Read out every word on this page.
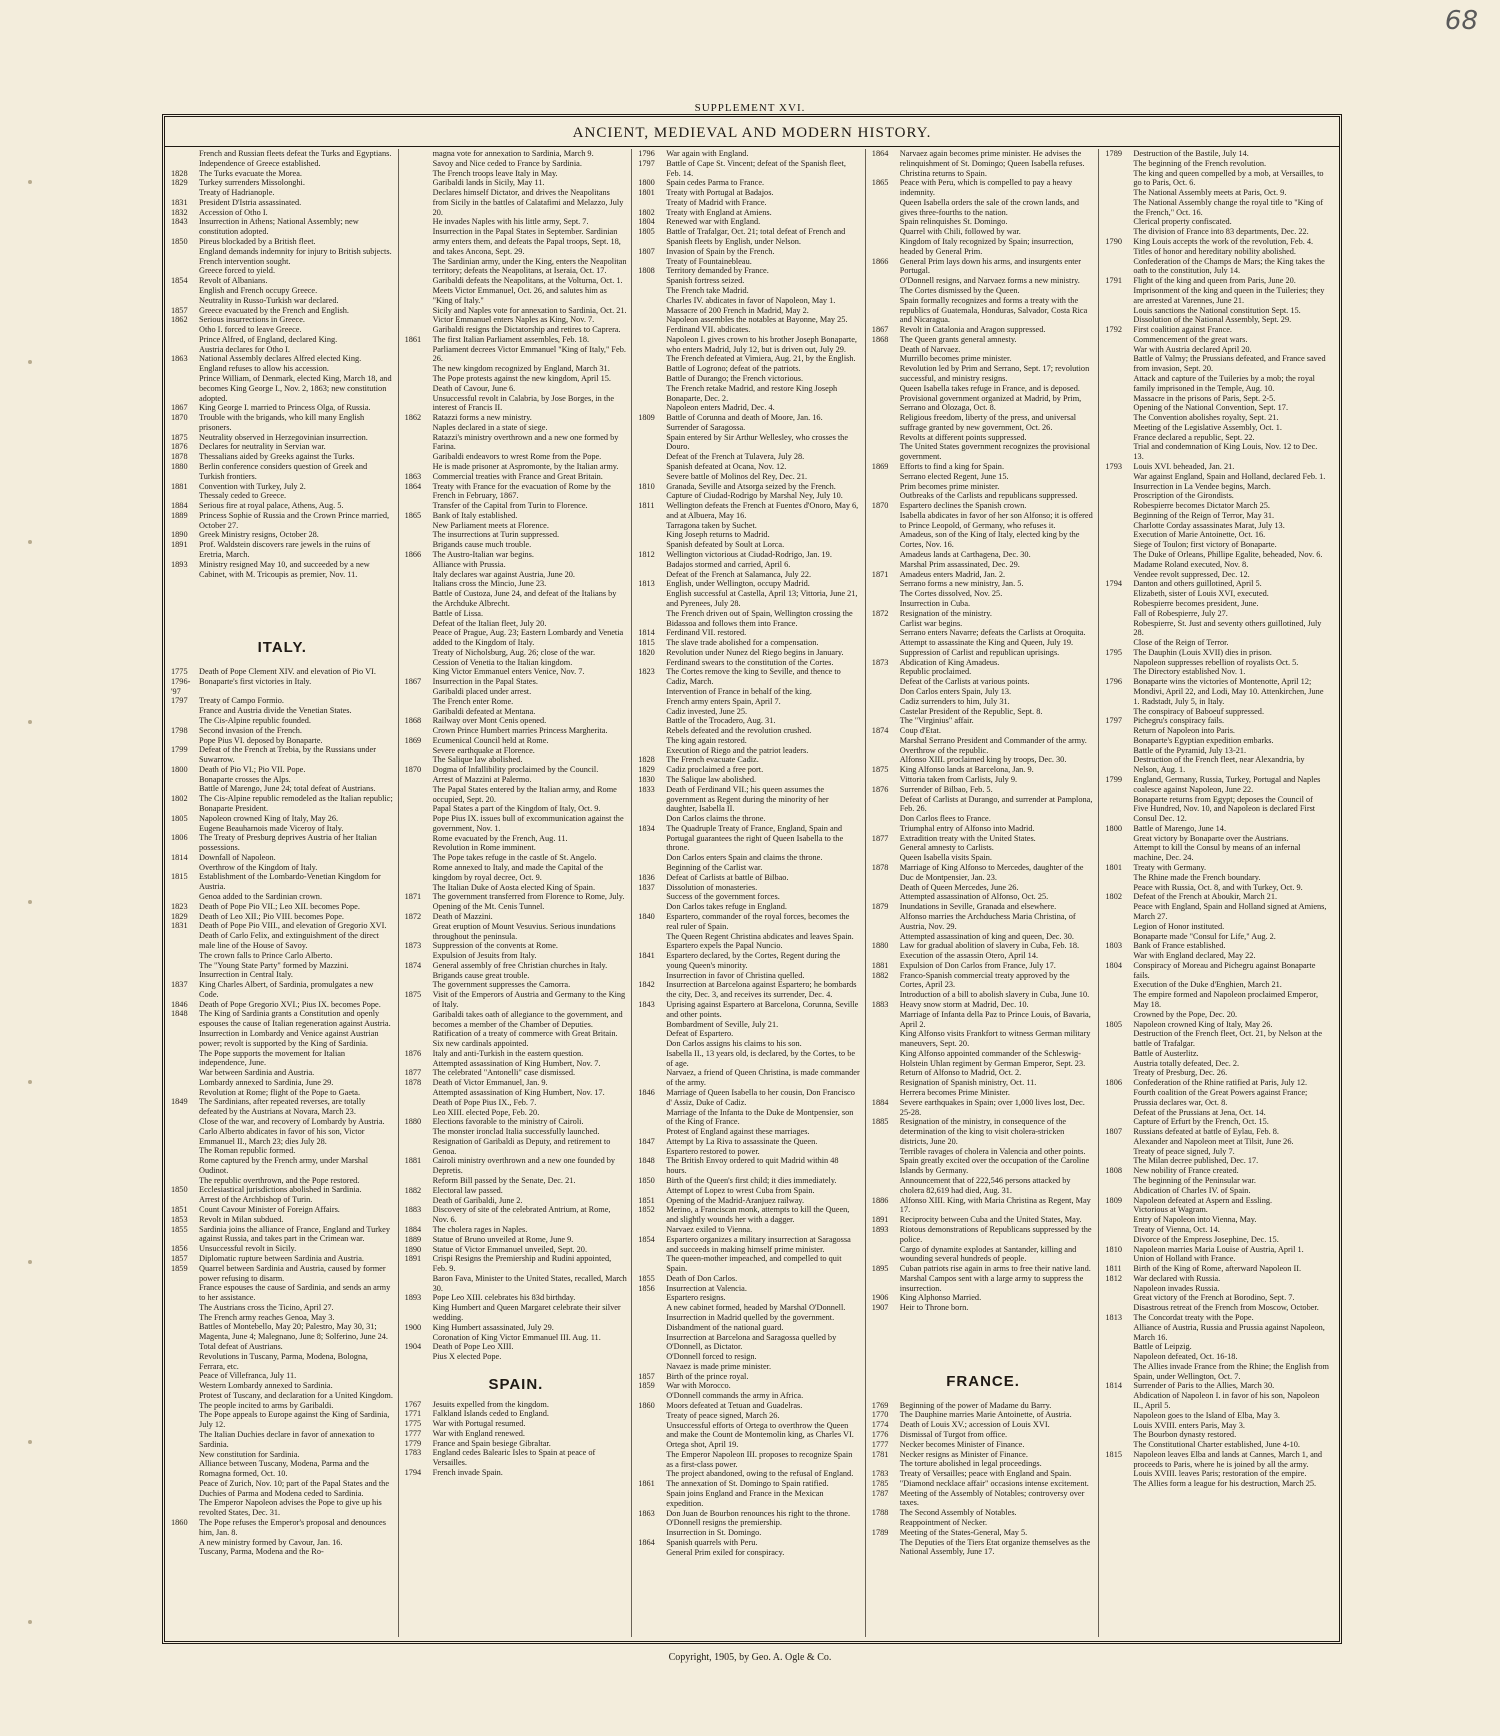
68
SUPPLEMENT XVI.
ANCIENT, MEDIEVAL AND MODERN HISTORY.
French and Russian fleets defeat the Turks and Egyptians.
Independence of Greece established.
1828	The Turks evacuate the Morea.
1829	Turkey surrenders Missolonghi.
Treaty of Hadrianople.
1831	President D'Istria assassinated.
1832	Accession of Otho I.
1843	Insurrection in Athens; National Assembly; new constitution adopted.
1850	Pireus blockaded by a British fleet.
England demands indemnity for injury to British subjects.
French intervention sought.
Greece forced to yield.
1854	Revolt of Albanians.
English and French occupy Greece.
Neutrality in Russo-Turkish war declared.
1857	Greece evacuated by the French and English.
1862	Serious insurrections in Greece.
Otho I. forced to leave Greece.
Prince Alfred, of England, declared King.
Austria declares for Otho I.
1863	National Assembly declares Alfred elected King.
England refuses to allow his accession.
Prince William, of Denmark, elected King, March 18, and becomes King George I., Nov. 2, 1863; new constitution adopted.
1867	King George I. married to Princess Olga, of Russia.
1870	Trouble with the brigands, who kill many English prisoners.
1875	Neutrality observed in Herzegovinian insurrection.
1876	Declares for neutrality in Servian war.
1878	Thessalians aided by Greeks against the Turks.
1880	Berlin conference considers question of Greek and Turkish frontiers.
1881	Convention with Turkey, July 2.
Thessaly ceded to Greece.
1884	Serious fire at royal palace, Athens, Aug. 5.
1889	Princess Sophie of Russia and the Crown Prince married, October 27.
1890	Greek Ministry resigns, October 28.
1891	Prof. Waldstein discovers rare jewels in the ruins of Eretria, March.
1893	Ministry resigned May 10, and succeeded by a new Cabinet, with M. Tricoupis as premier, Nov. 11.
ITALY.
1775	Death of Pope Clement XIV. and elevation of Pio VI.
1796-'97
Bonaparte's first victories in Italy.
1797	Treaty of Campo Formio.
France and Austria divide the Venetian States.
The Cis-Alpine republic founded.
1798	Second invasion of the French.
Pope Pius VI. deposed by Bonaparte.
1799	Defeat of the French at Trebia, by the Russians under Suwarrow.
1800	Death of Pio VI.; Pio VII. Pope.
Bonaparte crosses the Alps.
Battle of Marengo, June 24; total defeat of Austrians.
1802	The Cis-Alpine republic remodeled as the Italian republic; Bonaparte President.
1805	Napoleon crowned King of Italy, May 26.
Eugene Beauharnois made Viceroy of Italy.
1806	The Treaty of Presburg deprives Austria of her Italian possessions.
1814	Downfall of Napoleon.
Overthrow of the Kingdom of Italy.
1815	Establishment of the Lombardo-Venetian Kingdom for Austria.
Genoa added to the Sardinian crown.
1823	Death of Pope Pio VII.; Leo XII. becomes Pope.
1829	Death of Leo XII.; Pio VIII. becomes Pope.
1831	Death of Pope Pio VIII., and elevation of Gregorio XVI.
Death of Carlo Felix, and extinguishment of the direct male line of the House of Savoy.
The crown falls to Prince Carlo Alberto.
The "Young State Party" formed by Mazzini.
Insurrection in Central Italy.
1837	King Charles Albert, of Sardinia, promulgates a new Code.
1846	Death of Pope Gregorio XVI.; Pius IX. becomes Pope.
1848	The King of Sardinia grants a Constitution and openly espouses the cause of Italian regeneration against Austria.
Insurrection in Lombardy and Venice against Austrian power; revolt is supported by the King of Sardinia.
The Pope supports the movement for Italian independence, June.
War between Sardinia and Austria.
Lombardy annexed to Sardinia, June 29.
Revolution at Rome; flight of the Pope to Gaeta.
1849	The Sardinians, after repeated reverses, are totally defeated by the Austrians at Novara, March 23.
Close of the war, and recovery of Lombardy by Austria.
Carlo Alberto abdicates in favor of his son, Victor Emmanuel II., March 23; dies July 28.
The Roman republic formed.
Rome captured by the French army, under Marshal Oudinot.
The republic overthrown, and the Pope restored.
1850	Ecclesiastical jurisdictions abolished in Sardinia.
Arrest of the Archbishop of Turin.
1851	Count Cavour Minister of Foreign Affairs.
1853	Revolt in Milan subdued.
1855	Sardinia joins the alliance of France, England and Turkey against Russia, and takes part in the Crimean war.
1856	Unsuccessful revolt in Sicily.
1857	Diplomatic rupture between Sardinia and Austria.
1859	Quarrel between Sardinia and Austria, caused by former power refusing to disarm.
France espouses the cause of Sardinia, and sends an army to her assistance.
The Austrians cross the Ticino, April 27.
The French army reaches Genoa, May 3.
Battles of Montebello, May 20; Palestro, May 30, 31; Magenta, June 4; Malegnano, June 8; Solferino, June 24.
Total defeat of Austrians.
Revolutions in Tuscany, Parma, Modena, Bologna, Ferrara, etc.
Peace of Villefranca, July 11.
Western Lombardy annexed to Sardinia.
Protest of Tuscany, and declaration for a United Kingdom.
The people incited to arms by Garibaldi.
The Pope appeals to Europe against the King of Sardinia, July 12.
The Italian Duchies declare in favor of annexation to Sardinia.
New constitution for Sardinia.
Alliance between Tuscany, Modena, Parma and the Romagna formed, Oct. 10.
Peace of Zurich, Nov. 10; part of the Papal States and the Duchies of Parma and Modena ceded to Sardinia.
The Emperor Napoleon advises the Pope to give up his revolted States, Dec. 31.
1860	The Pope refuses the Emperor's proposal and denounces him, Jan. 8.
A new ministry formed by Cavour, Jan. 16.
Tuscany, Parma, Modena and the Ro-
magna vote for annexation to Sardinia, March 9.
Savoy and Nice ceded to France by Sardinia.
The French troops leave Italy in May.
Garibaldi lands in Sicily, May 11.
Declares himself Dictator, and drives the Neapolitans from Sicily in the battles of Calatafimi and Melazzo, July 20.
He invades Naples with his little army, Sept. 7.
Insurrection in the Papal States in September. Sardinian army enters them, and defeats the Papal troops, Sept. 18, and takes Ancona, Sept. 29.
The Sardinian army, under the King, enters the Neapolitan territory; defeats the Neapolitans, at Iseraia, Oct. 17.
Garibaldi defeats the Neapolitans, at the Volturna, Oct. 1.
Meets Victor Emmanuel, Oct. 26, and salutes him as "King of Italy."
Sicily and Naples vote for annexation to Sardinia, Oct. 21.
Victor Emmanuel enters Naples as King, Nov. 7.
Garibaldi resigns the Dictatorship and retires to Caprera.
1861	The first Italian Parliament assembles, Feb. 18.
Parliament decrees Victor Emmanuel "King of Italy," Feb. 26.
The new kingdom recognized by England, March 31.
The Pope protests against the new kingdom, April 15.
Death of Cavour, June 6.
Unsuccessful revolt in Calabria, by Jose Borges, in the interest of Francis II.
1862	Ratazzi forms a new ministry.
Naples declared in a state of siege.
Ratazzi's ministry overthrown and a new one formed by Farina.
Garibaldi endeavors to wrest Rome from the Pope.
He is made prisoner at Aspromonte, by the Italian army.
1863	Commercial treaties with France and Great Britain.
1864	Treaty with France for the evacuation of Rome by the French in February, 1867.
Transfer of the Capital from Turin to Florence.
1865	Bank of Italy established.
New Parliament meets at Florence.
The insurrections at Turin suppressed.
Brigands cause much trouble.
1866	The Austro-Italian war begins.
Alliance with Prussia.
Italy declares war against Austria, June 20.
Italians cross the Mincio, June 23.
Battle of Custoza, June 24, and defeat of the Italians by the Archduke Albrecht.
Battle of Lissa.
Defeat of the Italian fleet, July 20.
Peace of Prague, Aug. 23; Eastern Lombardy and Venetia added to the Kingdom of Italy.
Treaty of Nicholsburg, Aug. 26; close of the war.
Cession of Venetia to the Italian kingdom.
King Victor Emmanuel enters Venice, Nov. 7.
1867	Insurrection in the Papal States.
Garibaldi placed under arrest.
The French enter Rome.
Garibaldi defeated at Mentana.
1868	Railway over Mont Cenis opened.
Crown Prince Humbert marries Princess Margherita.
1869	Ecumenical Council held at Rome.
Severe earthquake at Florence.
The Salique law abolished.
1870	Dogma of Infallibility proclaimed by the Council.
Arrest of Mazzini at Palermo.
The Papal States entered by the Italian army, and Rome occupied, Sept. 20.
Papal States a part of the Kingdom of Italy, Oct. 9.
Pope Pius IX. issues bull of excommunication against the government, Nov. 1.
Rome evacuated by the French, Aug. 11.
Revolution in Rome imminent.
The Pope takes refuge in the castle of St. Angelo.
Rome annexed to Italy, and made the Capital of the kingdom by royal decree, Oct. 9.
The Italian Duke of Aosta elected King of Spain.
1871	The government transferred from Florence to Rome, July.
Opening of the Mt. Cenis Tunnel.
1872	Death of Mazzini.
Great eruption of Mount Vesuvius. Serious inundations throughout the peninsula.
1873	Suppression of the convents at Rome.
Expulsion of Jesuits from Italy.
1874	General assembly of free Christian churches in Italy.
Brigands cause great trouble.
The government suppresses the Camorra.
1875	Visit of the Emperors of Austria and Germany to the King of Italy.
Garibaldi takes oath of allegiance to the government, and becomes a member of the Chamber of Deputies.
Ratification of a treaty of commerce with Great Britain.
Six new cardinals appointed.
1876	Italy and anti-Turkish in the eastern question.
Attempted assassination of King Humbert, Nov. 7.
1877	The celebrated "Antonelli" case dismissed.
1878	Death of Victor Emmanuel, Jan. 9.
Attempted assassination of King Humbert, Nov. 17.
Death of Pope Pius IX., Feb. 7.
Leo XIII. elected Pope, Feb. 20.
1880	Elections favorable to the ministry of Cairoli.
The monster ironclad Italia successfully launched.
Resignation of Garibaldi as Deputy, and retirement to Genoa.
1881	Cairoli ministry overthrown and a new one founded by Depretis.
Reform Bill passed by the Senate, Dec. 21.
1882	Electoral law passed.
Death of Garibaldi, June 2.
1883	Discovery of site of the celebrated Antrium, at Rome, Nov. 6.
1884	The cholera rages in Naples.
1889	Statue of Bruno unveiled at Rome, June 9.
1890	Statue of Victor Emmanuel unveiled, Sept. 20.
1891	Crispi Resigns the Premiership and Rudini appointed, Feb. 9.
Baron Fava, Minister to the United States, recalled, March 30.
1893	Pope Leo XIII. celebrates his 83d birthday.
King Humbert and Queen Margaret celebrate their silver wedding.
1900	King Humbert assassinated, July 29.
Coronation of King Victor Emmanuel III. Aug. 11.
1904	Death of Pope Leo XIII.
Pius X elected Pope.
SPAIN.
1767	Jesuits expelled from the kingdom.
1771	Falkland Islands ceded to England.
1775	War with Portugal resumed.
1777	War with England renewed.
1779	France and Spain besiege Gibraltar.
1783	England cedes Balearic Isles to Spain at peace of Versailles.
1794	French invade Spain.
1796	War again with England.
1797	Battle of Cape St. Vincent; defeat of the Spanish fleet, Feb. 14.
1800	Spain cedes Parma to France.
1801	Treaty with Portugal at Badajos.
Treaty of Madrid with France.
1802	Treaty with England at Amiens.
1804	Renewed war with England.
1805	Battle of Trafalgar, Oct. 21; total defeat of French and Spanish fleets by English, under Nelson.
1807	Invasion of Spain by the French.
Treaty of Fountainebleau.
1808	Territory demanded by France.
Spanish fortress seized.
The French take Madrid.
Charles IV. abdicates in favor of Napoleon, May 1.
Massacre of 200 French in Madrid, May 2.
Napoleon assembles the notables at Bayonne, May 25.
Ferdinand VII. abdicates.
Napoleon I. gives crown to his brother Joseph Bonaparte, who enters Madrid, July 12, but is driven out, July 29.
The French defeated at Vimiera, Aug. 21, by the English.
Battle of Logrono; defeat of the patriots.
Battle of Durango; the French victorious.
The French retake Madrid, and restore King Joseph Bonaparte, Dec. 2.
Napoleon enters Madrid, Dec. 4.
1809	Battle of Corunna and death of Moore, Jan. 16.
Surrender of Saragossa.
Spain entered by Sir Arthur Wellesley, who crosses the Douro.
Defeat of the French at Tulavera, July 28.
Spanish defeated at Ocana, Nov. 12.
Severe battle of Molinos del Rey, Dec. 21.
1810	Granada, Seville and Atsorga seized by the French.
Capture of Ciudad-Rodrigo by Marshal Ney, July 10.
1811	Wellington defeats the French at Fuentes d'Onoro, May 6, and at Albuera, May 16.
Tarragona taken by Suchet.
King Joseph returns to Madrid.
Spanish defeated by Soult at Lorca.
1812	Wellington victorious at Ciudad-Rodrigo, Jan. 19.
Badajos stormed and carried, April 6.
Defeat of the French at Salamanca, July 22.
1813	English, under Wellington, occupy Madrid.
English successful at Castella, April 13; Vittoria, June 21, and Pyrenees, July 28.
The French driven out of Spain, Wellington crossing the Bidassoa and follows them into France.
1814	Ferdinand VII. restored.
1815	The slave trade abolished for a compensation.
1820	Revolution under Nunez del Riego begins in January.
Ferdinand swears to the constitution of the Cortes.
1823	The Cortes remove the king to Seville, and thence to Cadiz, March.
Intervention of France in behalf of the king.
French army enters Spain, April 7.
Cadiz invested, June 25.
Battle of the Trocadero, Aug. 31.
Rebels defeated and the revolution crushed.
The king again restored.
Execution of Riego and the patriot leaders.
1828	The French evacuate Cadiz.
1829	Cadiz proclaimed a free port.
1830	The Salique law abolished.
1833	Death of Ferdinand VII.; his queen assumes the government as Regent during the minority of her daughter, Isabella II.
Don Carlos claims the throne.
1834	The Quadruple Treaty of France, England, Spain and Portugal guarantees the right of Queen Isabella to the throne.
Don Carlos enters Spain and claims the throne.
Beginning of the Carlist war.
1836	Defeat of Carlists at battle of Bilbao.
1837	Dissolution of monasteries.
Success of the government forces.
Don Carlos takes refuge in England.
1840	Espartero, commander of the royal forces, becomes the real ruler of Spain.
The Queen Regent Christina abdicates and leaves Spain.
Espartero expels the Papal Nuncio.
1841	Espartero declared, by the Cortes, Regent during the young Queen's minority.
Insurrection in favor of Christina quelled.
1842	Insurrection at Barcelona against Espartero; he bombards the city, Dec. 3, and receives its surrender, Dec. 4.
1843	Uprising against Espartero at Barcelona, Corunna, Seville and other points.
Bombardment of Seville, July 21.
Defeat of Espartero.
Don Carlos assigns his claims to his son.
Isabella II., 13 years old, is declared, by the Cortes, to be of age.
Narvaez, a friend of Queen Christina, is made commander of the army.
1846	Marriage of Queen Isabella to her cousin, Don Francisco d' Assiz, Duke of Cadiz.
Marriage of the Infanta to the Duke de Montpensier, son of the King of France.
Protest of England against these marriages.
1847	Attempt by La Riva to assassinate the Queen.
Espartero restored to power.
1848	The British Envoy ordered to quit Madrid within 48 hours.
1850	Birth of the Queen's first child; it dies immediately.
Attempt of Lopez to wrest Cuba from Spain.
1851	Opening of the Madrid-Aranjuez railway.
1852	Merino, a Franciscan monk, attempts to kill the Queen, and slightly wounds her with a dagger.
Narvaez exiled to Vienna.
1854	Espartero organizes a military insurrection at Saragossa and succeeds in making himself prime minister.
The queen-mother impeached, and compelled to quit Spain.
1855	Death of Don Carlos.
1856	Insurrection at Valencia.
Espartero resigns.
A new cabinet formed, headed by Marshal O'Donnell.
Insurrection in Madrid quelled by the government.
Disbandment of the national guard.
Insurrection at Barcelona and Saragossa quelled by O'Donnell, as Dictator.
O'Donnell forced to resign.
Navaez is made prime minister.
1857	Birth of the prince royal.
1859	War with Morocco.
O'Donnell commands the army in Africa.
1860	Moors defeated at Tetuan and Guadelras.
Treaty of peace signed, March 26.
Unsuccessful efforts of Ortega to overthrow the Queen and make the Count de Montemolin king, as Charles VI.
Ortega shot, April 19.
The Emperor Napoleon III. proposes to recognize Spain as a first-class power.
The project abandoned, owing to the refusal of England.
1861	The annexation of St. Domingo to Spain ratified.
Spain joins England and France in the Mexican expedition.
1863	Don Juan de Bourbon renounces his right to the throne.
O'Donnell resigns the premiership.
Insurrection in St. Domingo.
1864	Spanish quarrels with Peru.
General Prim exiled for conspiracy.
1864	Narvaez again becomes prime minister. He advises the relinquishment of St. Domingo; Queen Isabella refuses.
Christina returns to Spain.
1865	Peace with Peru, which is compelled to pay a heavy indemnity.
Queen Isabella orders the sale of the crown lands, and gives three-fourths to the nation.
Spain relinquishes St. Domingo.
Quarrel with Chili, followed by war.
Kingdom of Italy recognized by Spain; insurrection, headed by General Prim.
1866	General Prim lays down his arms, and insurgents enter Portugal.
O'Donnell resigns, and Narvaez forms a new ministry.
The Cortes dismissed by the Queen.
Spain formally recognizes and forms a treaty with the republics of Guatemala, Honduras, Salvador, Costa Rica and Nicaragua.
1867	Revolt in Catalonia and Aragon suppressed.
1868	The Queen grants general amnesty.
Death of Narvaez.
Murrillo becomes prime minister.
Revolution led by Prim and Serrano, Sept. 17; revolution successful, and ministry resigns.
Queen Isabella takes refuge in France, and is deposed.
Provisional government organized at Madrid, by Prim, Serrano and Olozaga, Oct. 8.
Religious freedom, liberty of the press, and universal suffrage granted by new government, Oct. 26.
Revolts at different points suppressed.
The United States government recognizes the provisional government.
1869	Efforts to find a king for Spain.
Serrano elected Regent, June 15.
Prim becomes prime minister.
Outbreaks of the Carlists and republicans suppressed.
1870	Espartero declines the Spanish crown.
Isabella abdicates in favor of her son Alfonso; it is offered to Prince Leopold, of Germany, who refuses it.
Amadeus, son of the King of Italy, elected king by the Cortes, Nov. 16.
Amadeus lands at Carthagena, Dec. 30.
Marshal Prim assassinated, Dec. 29.
1871	Amadeus enters Madrid, Jan. 2.
Serrano forms a new ministry, Jan. 5.
The Cortes dissolved, Nov. 25.
Insurrection in Cuba.
1872	Resignation of the ministry.
Carlist war begins.
Serrano enters Navarre; defeats the Carlists at Oroquita.
Attempt to assassinate the King and Queen, July 19.
Suppression of Carlist and republican uprisings.
1873	Abdication of King Amadeus.
Republic proclaimed.
Defeat of the Carlists at various points.
Don Carlos enters Spain, July 13.
Cadiz surrenders to him, July 31.
Castelar President of the Republic, Sept. 8.
The "Virginius" affair.
1874	Coup d'Etat.
Marshal Serrano President and Commander of the army.
Overthrow of the republic.
Alfonso XIII. proclaimed king by troops, Dec. 30.
1875	King Alfonso lands at Barcelona, Jan. 9.
Vittoria taken from Carlists, July 9.
1876	Surrender of Bilbao, Feb. 5.
Defeat of Carlists at Durango, and surrender at Pamplona, Feb. 26.
Don Carlos flees to France.
Triumphal entry of Alfonso into Madrid.
1877	Extradition treaty with the United States.
General amnesty to Carlists.
Queen Isabella visits Spain.
1878	Marriage of King Alfonso to Mercedes, daughter of the Duc de Montpensier, Jan. 23.
Death of Queen Mercedes, June 26.
Attempted assassination of Alfonso, Oct. 25.
1879	Inundations in Seville, Granada and elsewhere.
Alfonso marries the Archduchess Maria Christina, of Austria, Nov. 29.
Attempted assassination of king and queen, Dec. 30.
1880	Law for gradual abolition of slavery in Cuba, Feb. 18.
Execution of the assassin Otero, April 14.
1881	Expulsion of Don Carlos from France, July 17.
1882	Franco-Spanish commercial treaty approved by the Cortes, April 23.
Introduction of a bill to abolish slavery in Cuba, June 10.
1883	Heavy snow storm at Madrid, Dec. 10.
Marriage of Infanta della Paz to Prince Louis, of Bavaria, April 2.
King Alfonso visits Frankfort to witness German military maneuvers, Sept. 20.
King Alfonso appointed commander of the Schleswig-Holstein Uhlan regiment by German Emperor, Sept. 23.
Return of Alfonso to Madrid, Oct. 2.
Resignation of Spanish ministry, Oct. 11.
Herrera becomes Prime Minister.
1884	Severe earthquakes in Spain; over 1,000 lives lost, Dec. 25-28.
1885	Resignation of the ministry, in consequence of the determination of the king to visit cholera-stricken districts, June 20.
Terrible ravages of cholera in Valencia and other points.
Spain greatly excited over the occupation of the Caroline Islands by Germany.
Announcement that of 222,546 persons attacked by cholera 82,619 had died, Aug. 31.
1886	Alfonso XIII. King, with Maria Christina as Regent, May 17.
1891	Reciprocity between Cuba and the United States, May.
1893	Riotous demonstrations of Republicans suppressed by the police.
Cargo of dynamite explodes at Santander, killing and wounding several hundreds of people.
1895	Cuban patriots rise again in arms to free their native land. Marshal Campos sent with a large army to suppress the insurrection.
1906	King Alphonso Married.
1907	Heir to Throne born.
FRANCE.
1769	Beginning of the power of Madame du Barry.
1770	The Dauphine marries Marie Antoinette, of Austria.
1774	Death of Louis XV.; accession of Louis XVI.
1776	Dismissal of Turgot from office.
1777	Necker becomes Minister of Finance.
1781	Necker resigns as Minister of Finance.
The torture abolished in legal proceedings.
1783	Treaty of Versailles; peace with England and Spain.
1785	"Diamond necklace affair" occasions intense excitement.
1787	Meeting of the Assembly of Notables; controversy over taxes.
1788	The Second Assembly of Notables.
Reappointment of Necker.
1789	Meeting of the States-General, May 5.
The Deputies of the Tiers Etat organize themselves as the National Assembly, June 17.
1789	Destruction of the Bastile, July 14.
The beginning of the French revolution.
The king and queen compelled by a mob, at Versailles, to go to Paris, Oct. 6.
The National Assembly meets at Paris, Oct. 9.
The National Assembly change the royal title to "King of the French," Oct. 16.
Clerical property confiscated.
The division of France into 83 departments, Dec. 22.
1790	King Louis accepts the work of the revolution, Feb. 4.
Titles of honor and hereditary nobility abolished.
Confederation of the Champs de Mars; the King takes the oath to the constitution, July 14.
1791	Flight of the king and queen from Paris, June 20.
Imprisonment of the king and queen in the Tuileries; they are arrested at Varennes, June 21.
Louis sanctions the National constitution Sept. 15.
Dissolution of the National Assembly, Sept. 29.
1792	First coalition against France.
Commencement of the great wars.
War with Austria declared April 20.
Battle of Valmy; the Prussians defeated, and France saved from invasion, Sept. 20.
Attack and capture of the Tuileries by a mob; the royal family imprisoned in the Temple, Aug. 10.
Massacre in the prisons of Paris, Sept. 2-5.
Opening of the National Convention, Sept. 17.
The Convention abolishes royalty, Sept. 21.
Meeting of the Legislative Assembly, Oct. 1.
France declared a republic, Sept. 22.
Trial and condemnation of King Louis, Nov. 12 to Dec. 13.
1793	Louis XVI. beheaded, Jan. 21.
War against England, Spain and Holland, declared Feb. 1.
Insurrection in La Vendee begins, March.
Proscription of the Girondists.
Robespierre becomes Dictator March 25.
Beginning of the Reign of Terror, May 31.
Charlotte Corday assassinates Marat, July 13.
Execution of Marie Antoinette, Oct. 16.
Siege of Toulon; first victory of Bonaparte.
The Duke of Orleans, Phillipe Egalite, beheaded, Nov. 6.
Madame Roland executed, Nov. 8.
Vendee revolt suppressed, Dec. 12.
1794	Danton and others guillotined, April 5.
Elizabeth, sister of Louis XVI, executed.
Robespierre becomes president, June.
Fall of Robespierre, July 27.
Robespierre, St. Just and seventy others guillotined, July 28.
Close of the Reign of Terror.
1795	The Dauphin (Louis XVII) dies in prison.
Napoleon suppresses rebellion of royalists Oct. 5.
The Directory established Nov. 1.
1796	Bonaparte wins the victories of Montenotte, April 12; Mondivi, April 22, and Lodi, May 10. Attenkirchen, June 1. Radstadt, July 5, in Italy.
The conspiracy of Baboeuf suppressed.
1797	Pichegru's conspiracy fails.
Return of Napoleon into Paris.
Bonaparte's Egyptian expedition embarks.
Battle of the Pyramid, July 13-21.
Destruction of the French fleet, near Alexandria, by Nelson, Aug. 1.
1799	England, Germany, Russia, Turkey, Portugal and Naples coalesce against Napoleon, June 22.
Bonaparte returns from Egypt; deposes the Council of Five Hundred, Nov. 10, and Napoleon is declared First Consul Dec. 12.
1800	Battle of Marengo, June 14.
Great victory by Bonaparte over the Austrians.
Attempt to kill the Consul by means of an infernal machine, Dec. 24.
1801	Treaty with Germany.
The Rhine made the French boundary.
Peace with Russia, Oct. 8, and with Turkey, Oct. 9.
1802	Defeat of the French at Aboukir, March 21.
Peace with England, Spain and Holland signed at Amiens, March 27.
Legion of Honor instituted.
Bonaparte made "Consul for Life," Aug. 2.
1803	Bank of France established.
War with England declared, May 22.
1804	Conspiracy of Moreau and Pichegru against Bonaparte fails.
Execution of the Duke d'Enghien, March 21.
The empire formed and Napoleon proclaimed Emperor, May 18.
Crowned by the Pope, Dec. 20.
1805	Napoleon crowned King of Italy, May 26.
Destruction of the French fleet, Oct. 21, by Nelson at the battle of Trafalgar.
Battle of Austerlitz.
Austria totally defeated, Dec. 2.
Treaty of Presburg, Dec. 26.
1806	Confederation of the Rhine ratified at Paris, July 12.
Fourth coalition of the Great Powers against France; Prussia declares war, Oct. 8.
Defeat of the Prussians at Jena, Oct. 14.
Capture of Erfurt by the French, Oct. 15.
1807	Russians defeated at battle of Eylau, Feb. 8.
Alexander and Napoleon meet at Tilsit, June 26.
Treaty of peace signed, July 7.
The Milan decree published, Dec. 17.
1808	New nobility of France created.
The beginning of the Peninsular war.
Abdication of Charles IV. of Spain.
1809	Napoleon defeated at Aspern and Essling.
Victorious at Wagram.
Entry of Napoleon into Vienna, May.
Treaty of Vienna, Oct. 14.
Divorce of the Empress Josephine, Dec. 15.
1810	Napoleon marries Maria Louise of Austria, April 1.
Union of Holland with France.
1811	Birth of the King of Rome, afterward Napoleon II.
1812	War declared with Russia.
Napoleon invades Russia.
Great victory of the French at Borodino, Sept. 7.
Disastrous retreat of the French from Moscow, October.
1813	The Concordat treaty with the Pope.
Alliance of Austria, Russia and Prussia against Napoleon, March 16.
Battle of Leipzig.
Napoleon defeated, Oct. 16-18.
The Allies invade France from the Rhine; the English from Spain, under Wellington, Oct. 7.
1814	Surrender of Paris to the Allies, March 30.
Abdication of Napoleon I. in favor of his son, Napoleon II., April 5.
Napoleon goes to the Island of Elba, May 3.
Louis XVIII. enters Paris, May 3.
The Bourbon dynasty restored.
The Constitutional Charter established, June 4-10.
1815	Napoleon leaves Elba and lands at Cannes, March 1, and proceeds to Paris, where he is joined by all the army.
Louis XVIII. leaves Paris; restoration of the empire.
The Allies form a league for his destruction, March 25.
Copyright, 1905, by Geo. A. Ogle & Co.
